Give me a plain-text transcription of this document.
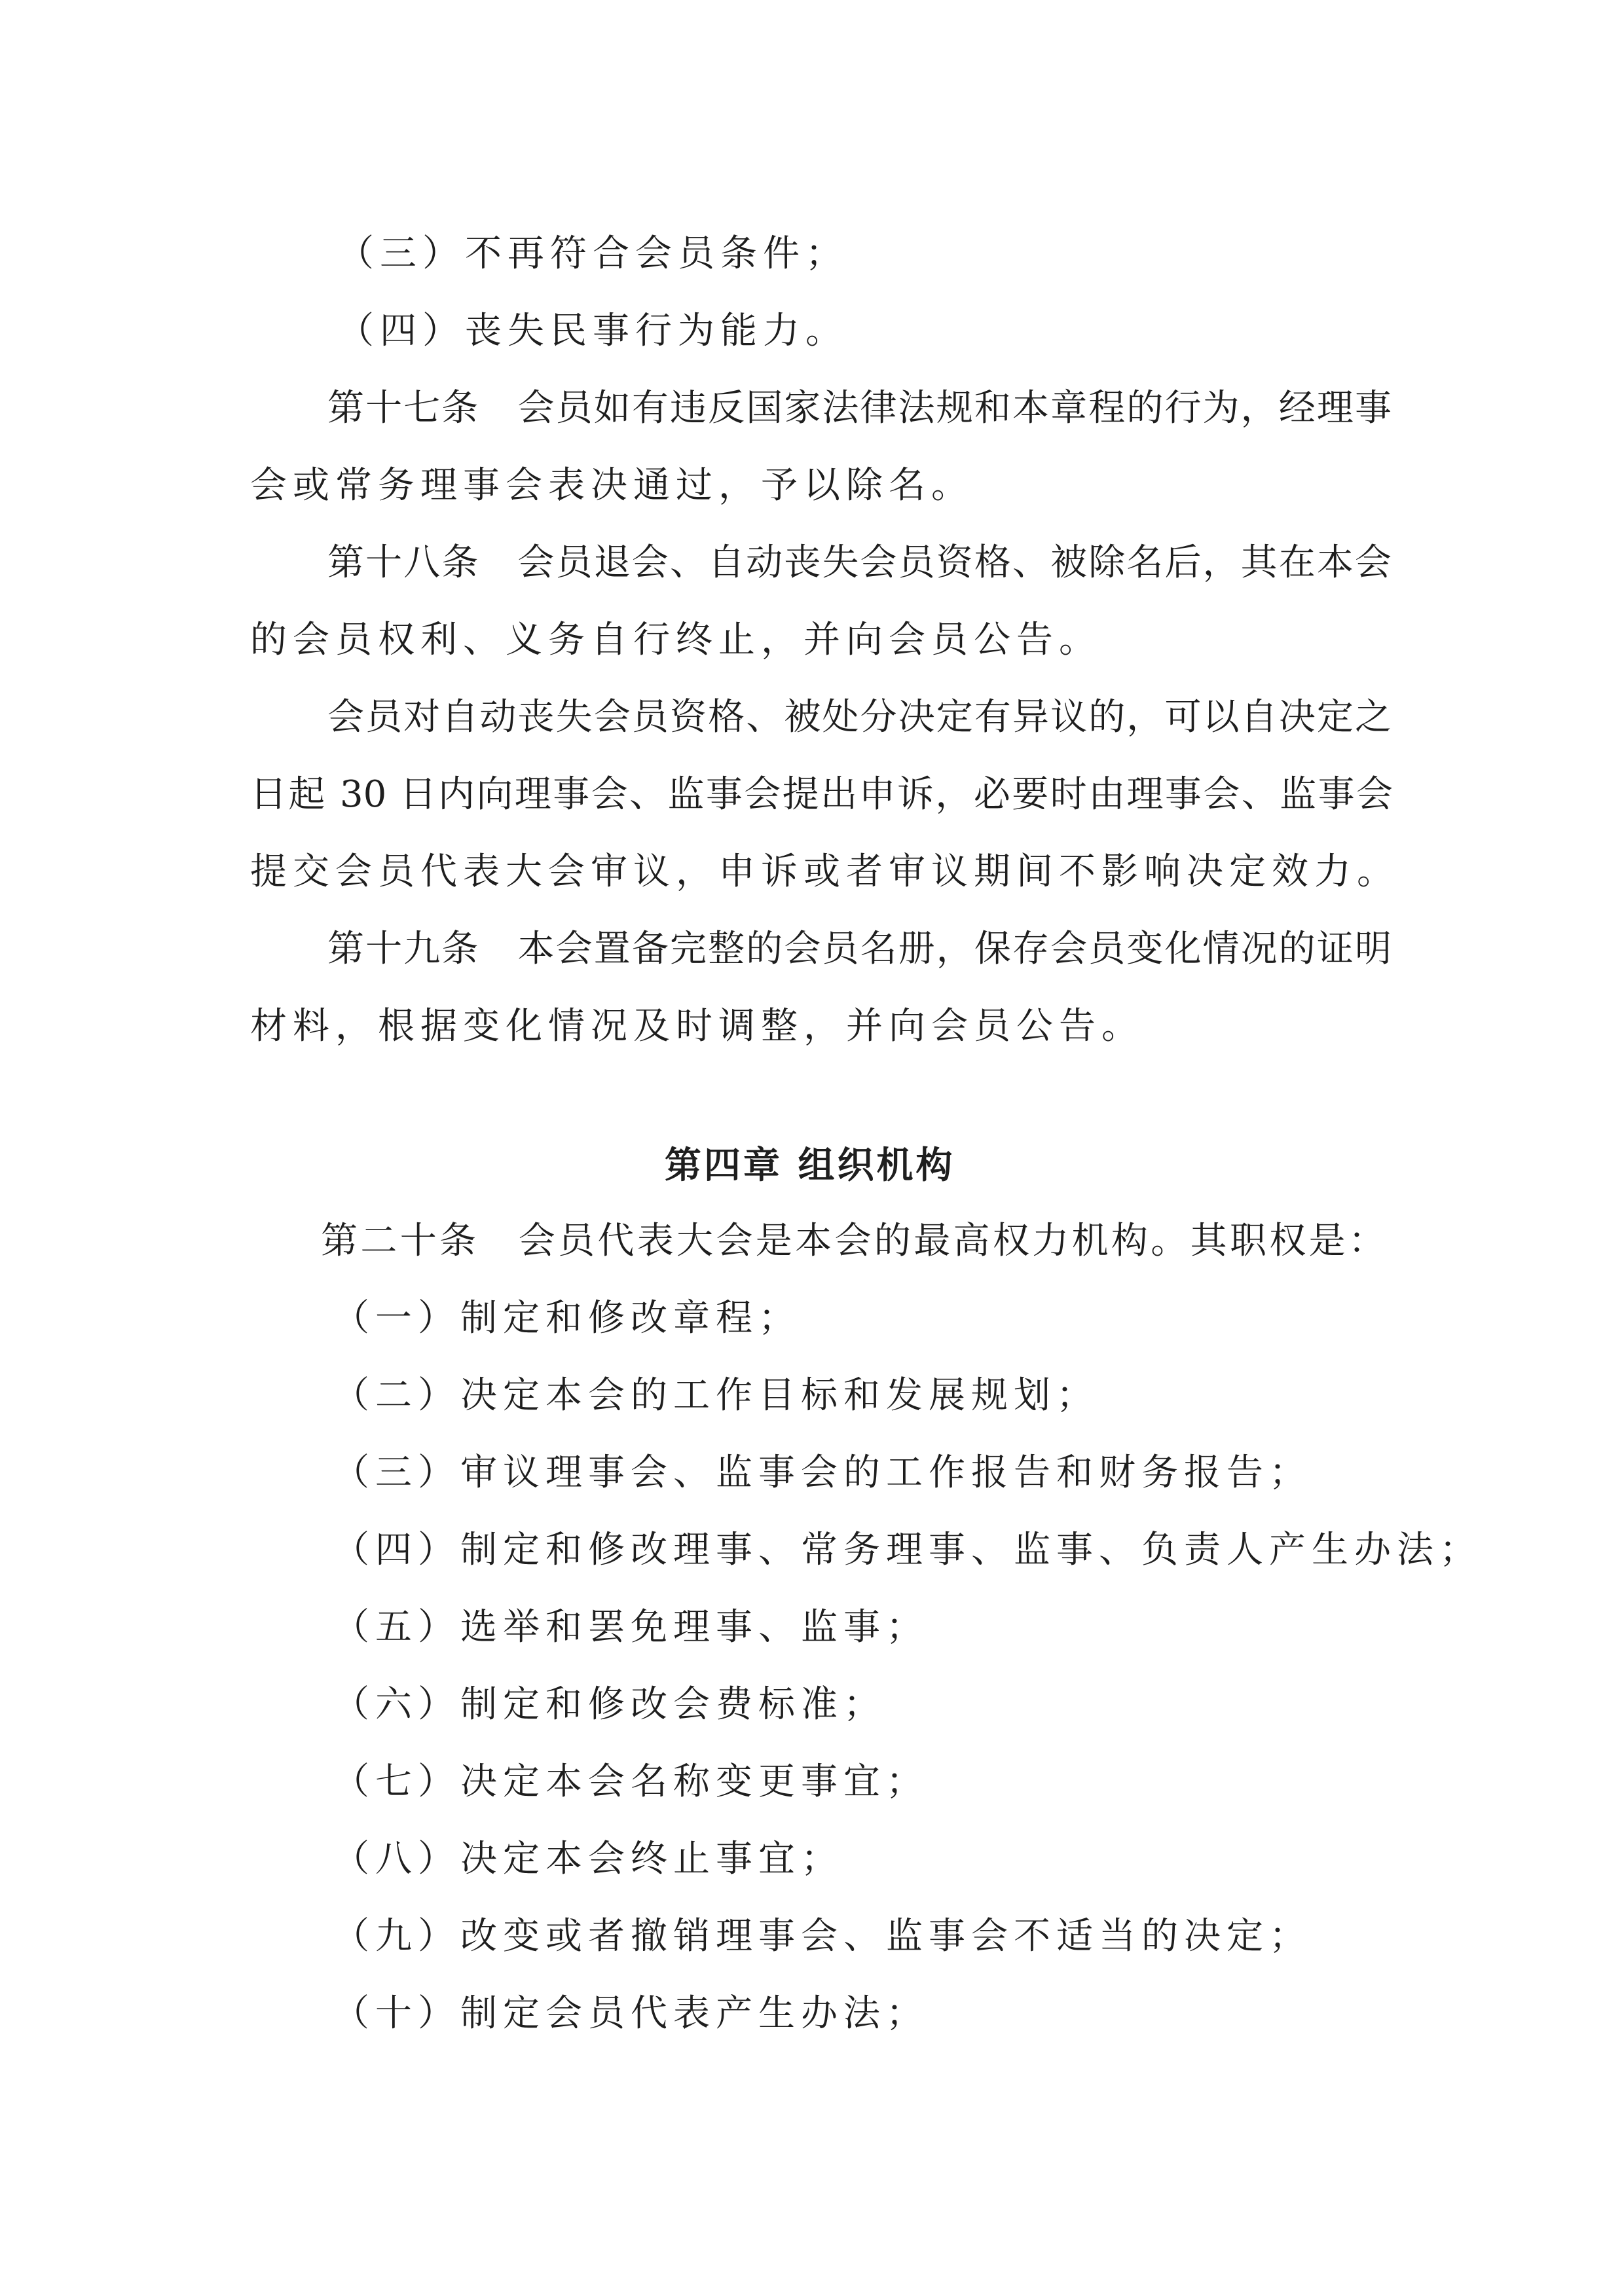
（三）不再符合会员条件；
（四）丧失民事行为能力。
第十七条　会员如有违反国家法律法规和本章程的行为，经理事
会或常务理事会表决通过，予以除名。
第十八条　会员退会、自动丧失会员资格、被除名后，其在本会
的会员权利、义务自行终止，并向会员公告。
会员对自动丧失会员资格、被处分决定有异议的，可以自决定之
日起 30 日内向理事会、监事会提出申诉，必要时由理事会、监事会
提交会员代表大会审议，申诉或者审议期间不影响决定效力。
第十九条　本会置备完整的会员名册，保存会员变化情况的证明
材料，根据变化情况及时调整，并向会员公告。
第四章 组织机构
第二十条　会员代表大会是本会的最高权力机构。其职权是：
（一）制定和修改章程；
（二）决定本会的工作目标和发展规划；
（三）审议理事会、监事会的工作报告和财务报告；
（四）制定和修改理事、常务理事、监事、负责人产生办法；
（五）选举和罢免理事、监事；
（六）制定和修改会费标准；
（七）决定本会名称变更事宜；
（八）决定本会终止事宜；
（九）改变或者撤销理事会、监事会不适当的决定；
（十）制定会员代表产生办法；
